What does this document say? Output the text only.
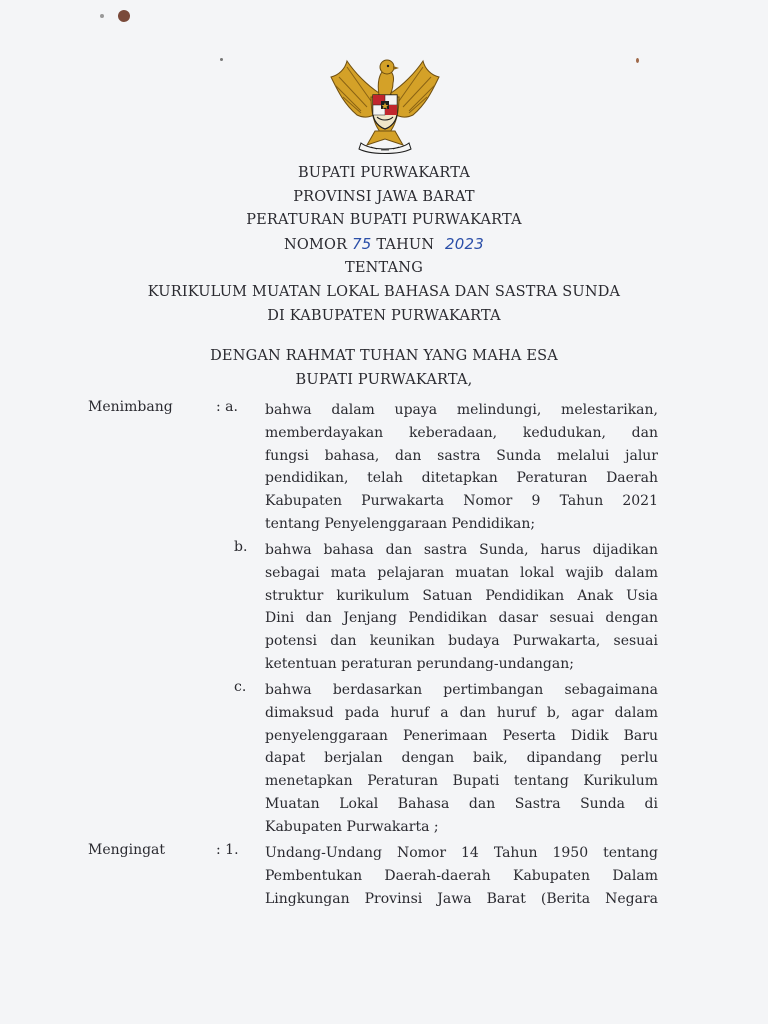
BUPATI PURWAKARTA
PROVINSI JAWA BARAT
PERATURAN BUPATI PURWAKARTA
NOMOR 75 TAHUN 2023
TENTANG
KURIKULUM MUATAN LOKAL BAHASA DAN SASTRA SUNDA
DI KABUPATEN PURWAKARTA
DENGAN RAHMAT TUHAN YANG MAHA ESA
BUPATI PURWAKARTA,
Menimbang	: a. bahwa dalam upaya melindungi, melestarikan,
memberdayakan keberadaan, kedudukan, dan
fungsi bahasa, dan sastra Sunda melalui jalur
pendidikan, telah ditetapkan Peraturan Daerah
Kabupaten Purwakarta Nomor 9 Tahun 2021
tentang Penyelenggaraan Pendidikan;
b. bahwa bahasa dan sastra Sunda, harus dijadikan
sebagai mata pelajaran muatan lokal wajib dalam
struktur kurikulum Satuan Pendidikan Anak Usia
Dini dan Jenjang Pendidikan dasar sesuai dengan
potensi dan keunikan budaya Purwakarta, sesuai
ketentuan peraturan perundang-undangan;
c. bahwa berdasarkan pertimbangan sebagaimana
dimaksud pada huruf a dan huruf b, agar dalam
penyelenggaraan Penerimaan Peserta Didik Baru
dapat berjalan dengan baik, dipandang perlu
menetapkan Peraturan Bupati tentang Kurikulum
Muatan Lokal Bahasa dan Sastra Sunda di
Kabupaten Purwakarta ;
Mengingat	: 1. Undang-Undang Nomor 14 Tahun 1950 tentang
Pembentukan Daerah-daerah Kabupaten Dalam
Lingkungan Provinsi Jawa Barat (Berita Negara
